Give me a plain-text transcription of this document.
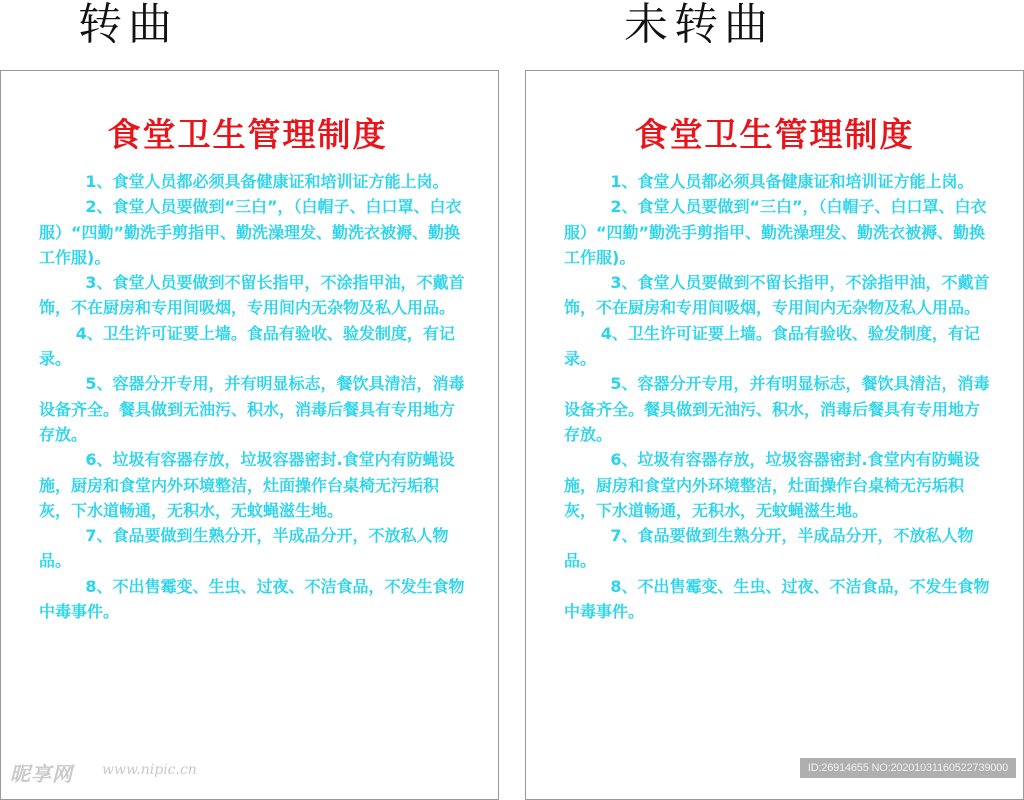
转曲	未转曲
食堂卫生管理制度

1、食堂人员都必须具备健康证和培训证方能上岗。

2、食堂人员要做到“三白”，（白帽子、白口罩、白衣服）“四勤”勤洗手剪指甲、勤洗澡理发、勤洗衣被褥、勤换工作服)。

3、食堂人员要做到不留长指甲，不涂指甲油，不戴首饰，不在厨房和专用间吸烟，专用间内无杂物及私人用品。

4、卫生许可证要上墙。食品有验收、验发制度，有记录。

5、容器分开专用，并有明显标志，餐饮具清洁，消毒设备齐全。餐具做到无油污、积水，消毒后餐具有专用地方存放。

6、垃圾有容器存放，垃圾容器密封.食堂内有防蝇设施，厨房和食堂内外环境整洁，灶面操作台桌椅无污垢积灰，下水道畅通，无积水，无蚊蝇滋生地。

7、食品要做到生熟分开，半成品分开，不放私人物品。

8、不出售霉变、生虫、过夜、不洁食品，不发生食物中毒事件。

食堂卫生管理制度

1、食堂人员都必须具备健康证和培训证方能上岗。

2、食堂人员要做到“三白”，（白帽子、白口罩、白衣服）“四勤”勤洗手剪指甲、勤洗澡理发、勤洗衣被褥、勤换工作服)。

3、食堂人员要做到不留长指甲，不涂指甲油，不戴首饰，不在厨房和专用间吸烟，专用间内无杂物及私人用品。

4、卫生许可证要上墙。食品有验收、验发制度，有记录。

5、容器分开专用，并有明显标志，餐饮具清洁，消毒设备齐全。餐具做到无油污、积水，消毒后餐具有专用地方存放。

6、垃圾有容器存放，垃圾容器密封.食堂内有防蝇设施，厨房和食堂内外环境整洁，灶面操作台桌椅无污垢积灰，下水道畅通，无积水，无蚊蝇滋生地。

7、食品要做到生熟分开，半成品分开，不放私人物品。

8、不出售霉变、生虫、过夜、不洁食品，不发生食物中毒事件。

昵享网 www.nipic.cn	ID:26914655 NO:20201031160522739000
